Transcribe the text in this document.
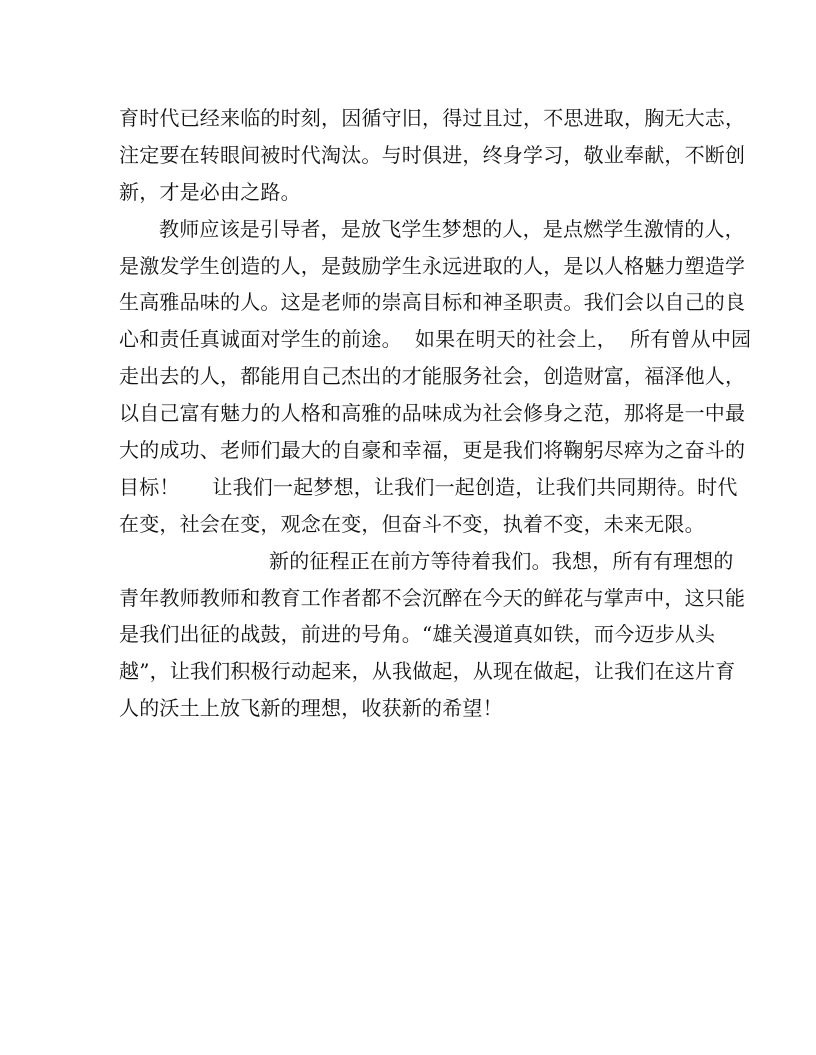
育时代已经来临的时刻，因循守旧，得过且过，不思进取，胸无大志，
注定要在转眼间被时代淘汰。与时俱进，终身学习，敬业奉献，不断创
新，才是必由之路。
教师应该是引导者，是放飞学生梦想的人，是点燃学生激情的人，
是激发学生创造的人，是鼓励学生永远进取的人，是以人格魅力塑造学
生高雅品味的人。这是老师的崇高目标和神圣职责。我们会以自己的良
心和责任真诚面对学生的前途。  如果在明天的社会上，  所有曾从中园
走出去的人，都能用自己杰出的才能服务社会，创造财富，福泽他人，
以自己富有魅力的人格和高雅的品味成为社会修身之范，那将是一中最
大的成功、老师们最大的自豪和幸福，更是我们将鞠躬尽瘁为之奋斗的
目标！     让我们一起梦想，让我们一起创造，让我们共同期待。时代
在变，社会在变，观念在变，但奋斗不变，执着不变，未来无限。
新的征程正在前方等待着我们。我想，所有有理想的
青年教师教师和教育工作者都不会沉醉在今天的鲜花与掌声中，这只能
是我们出征的战鼓，前进的号角。“雄关漫道真如铁，而今迈步从头
越”，让我们积极行动起来，从我做起，从现在做起，让我们在这片育
人的沃土上放飞新的理想，收获新的希望！
